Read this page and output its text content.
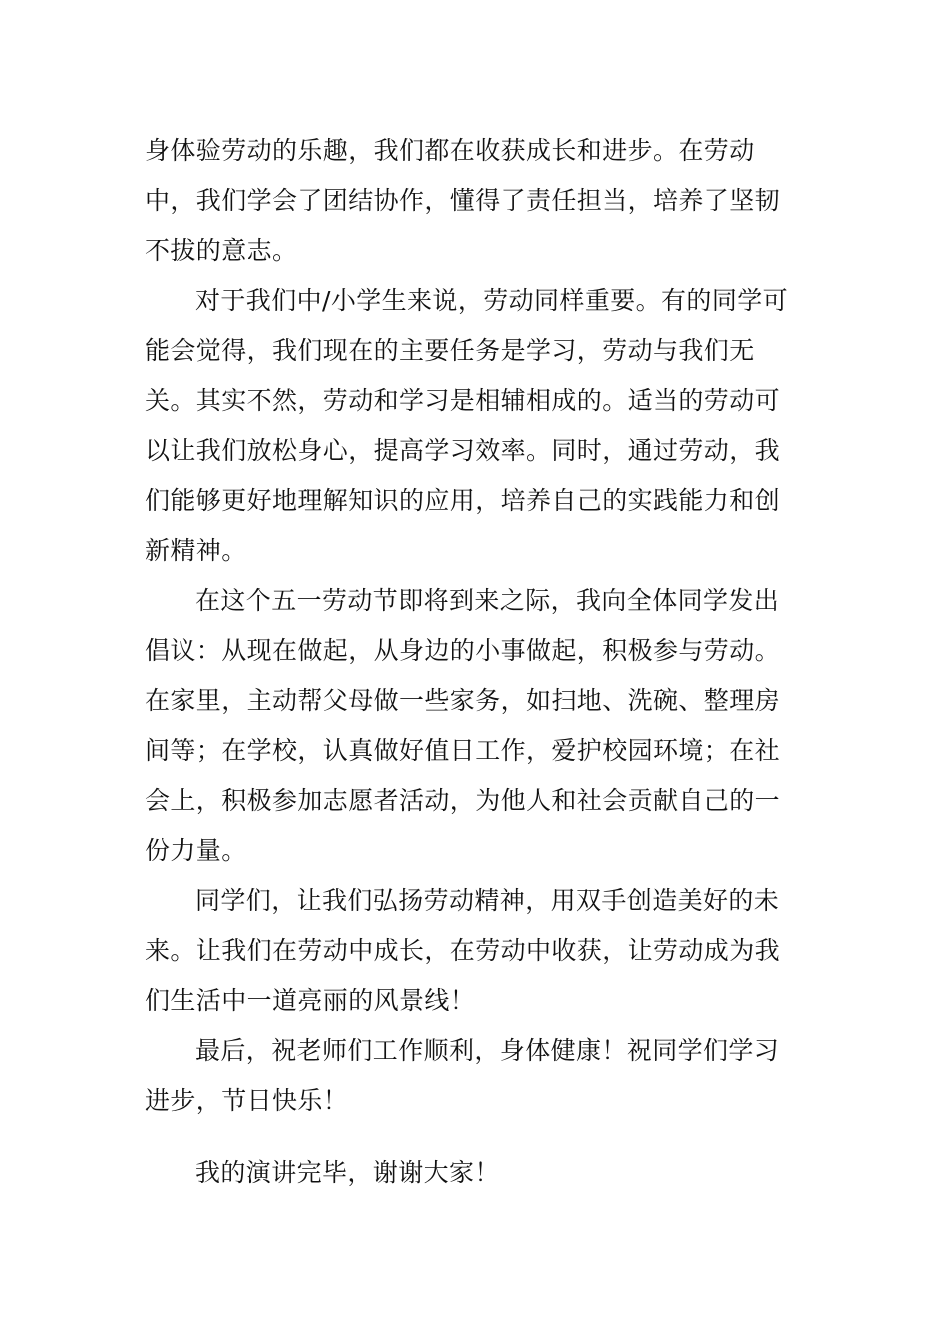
身体验劳动的乐趣，我们都在收获成长和进步。在劳动
中，我们学会了团结协作，懂得了责任担当，培养了坚韧
不拔的意志。
对于我们中/小学生来说，劳动同样重要。有的同学可
能会觉得，我们现在的主要任务是学习，劳动与我们无
关。其实不然，劳动和学习是相辅相成的。适当的劳动可
以让我们放松身心，提高学习效率。同时，通过劳动，我
们能够更好地理解知识的应用，培养自己的实践能力和创
新精神。
在这个五一劳动节即将到来之际，我向全体同学发出
倡议：从现在做起，从身边的小事做起，积极参与劳动。
在家里，主动帮父母做一些家务，如扫地、洗碗、整理房
间等；在学校，认真做好值日工作，爱护校园环境；在社
会上，积极参加志愿者活动，为他人和社会贡献自己的一
份力量。
同学们，让我们弘扬劳动精神，用双手创造美好的未
来。让我们在劳动中成长，在劳动中收获，让劳动成为我
们生活中一道亮丽的风景线！
最后，祝老师们工作顺利，身体健康！祝同学们学习
进步，节日快乐！
我的演讲完毕，谢谢大家！
